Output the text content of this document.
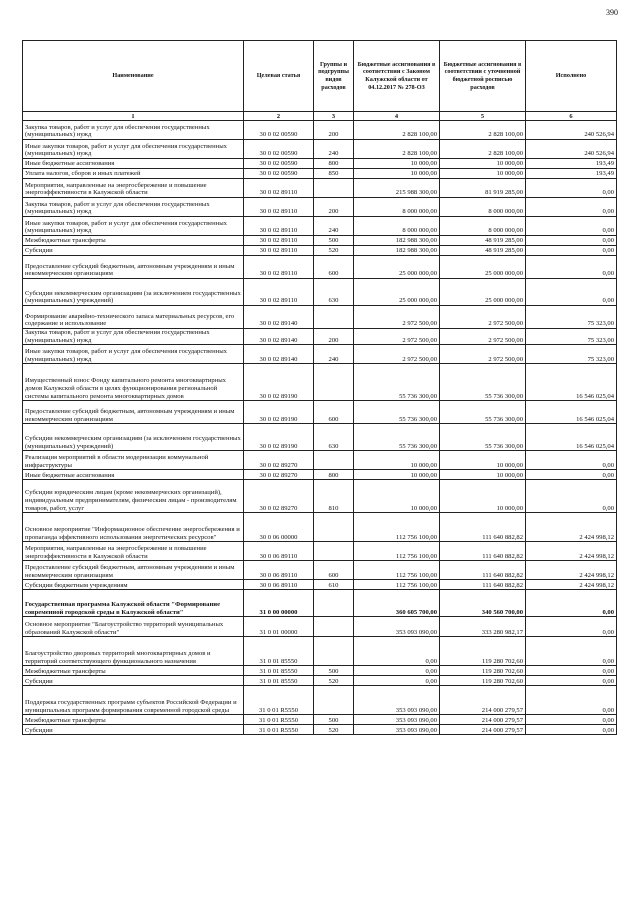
390
Наименование	Целевая статья	Группы и подгруппы видов расходов	Бюджетные ассигнования в соответствии с Законом Калужской области от 04.12.2017 № 278-ОЗ	Бюджетные ассигнования в соответствии с уточненной бюджетной росписью расходов	Исполнено
1	2	3	4	5	6
Закупка товаров, работ и услуг для обеспечения государственных (муниципальных) нужд	30 0 02 00590	200	2 828 100,00	2 828 100,00	240 526,94
Иные закупки товаров, работ и услуг для обеспечения государственных (муниципальных) нужд	30 0 02 00590	240	2 828 100,00	2 828 100,00	240 526,94
Иные бюджетные ассигнования	30 0 02 00590	800	10 000,00	10 000,00	193,49
Уплата налогов, сборов и иных платежей	30 0 02 00590	850	10 000,00	10 000,00	193,49
Мероприятия, направленные на энергосбережение и повышение энергоэффективности в Калужской области	30 0 02 89110		215 988 300,00	81 919 285,00	0,00
Закупка товаров, работ и услуг для обеспечения государственных (муниципальных) нужд	30 0 02 89110	200	8 000 000,00	8 000 000,00	0,00
Иные закупки товаров, работ и услуг для обеспечения государственных (муниципальных) нужд	30 0 02 89110	240	8 000 000,00	8 000 000,00	0,00
Межбюджетные трансферты	30 0 02 89110	500	182 988 300,00	48 919 285,00	0,00
Субсидии	30 0 02 89110	520	182 988 300,00	48 919 285,00	0,00
Предоставление субсидий бюджетным, автономным учреждениям и иным некоммерческим организациям	30 0 02 89110	600	25 000 000,00	25 000 000,00	0,00
Субсидии некоммерческим организациям (за исключением государственных (муниципальных) учреждений)	30 0 02 89110	630	25 000 000,00	25 000 000,00	0,00
Формирование аварийно-технического запаса материальных ресурсов, его содержание и использование	30 0 02 89140		2 972 500,00	2 972 500,00	75 323,00
Закупка товаров, работ и услуг для обеспечения государственных (муниципальных) нужд	30 0 02 89140	200	2 972 500,00	2 972 500,00	75 323,00
Иные закупки товаров, работ и услуг для обеспечения государственных (муниципальных) нужд	30 0 02 89140	240	2 972 500,00	2 972 500,00	75 323,00
Имущественный взнос Фонду капитального ремонта многоквартирных домов Калужской области в целях функционирования региональной системы капитального ремонта многоквартирных домов	30 0 02 89190		55 736 300,00	55 736 300,00	16 546 025,04
Предоставление субсидий бюджетным, автономным учреждениям и иным некоммерческим организациям	30 0 02 89190	600	55 736 300,00	55 736 300,00	16 546 025,04
Субсидии некоммерческим организациям (за исключением государственных (муниципальных) учреждений)	30 0 02 89190	630	55 736 300,00	55 736 300,00	16 546 025,04
Реализация мероприятий в области модернизации коммунальной инфраструктуры	30 0 02 89270		10 000,00	10 000,00	0,00
Иные бюджетные ассигнования	30 0 02 89270	800	10 000,00	10 000,00	0,00
Субсидии юридическим лицам (кроме некоммерческих организаций), индивидуальным предпринимателям, физическим лицам - производителям товаров, работ, услуг	30 0 02 89270	810	10 000,00	10 000,00	0,00
Основное мероприятие "Информационное обеспечение энергосбережения и пропаганда эффективного использования энергетических ресурсов"	30 0 06 00000		112 756 100,00	111 640 882,82	2 424 998,12
Мероприятия, направленные на энергосбережение и повышение энергоэффективности в Калужской области	30 0 06 89110		112 756 100,00	111 640 882,82	2 424 998,12
Предоставление субсидий бюджетным, автономным учреждениям и иным некоммерческим организациям	30 0 06 89110	600	112 756 100,00	111 640 882,82	2 424 998,12
Субсидии бюджетным учреждениям	30 0 06 89110	610	112 756 100,00	111 640 882,82	2 424 998,12
Государственная программа Калужской области "Формирование современной городской среды в Калужской области"	31 0 00 00000		360 605 700,00	340 560 700,00	0,00
Основное мероприятие "Благоустройство территорий муниципальных образований Калужской области"	31 0 01 00000		353 093 090,00	333 280 982,17	0,00
Благоустройство дворовых территорий многоквартирных домов и территорий соответствующего функционального назначения	31 0 01 85550		0,00	119 280 702,60	0,00
Межбюджетные трансферты	31 0 01 85550	500	0,00	119 280 702,60	0,00
Субсидии	31 0 01 85550	520	0,00	119 280 702,60	0,00
Поддержка государственных программ субъектов Российской Федерации и муниципальных программ формирования современной городской среды	31 0 01 R5550		353 093 090,00	214 000 279,57	0,00
Межбюджетные трансферты	31 0 01 R5550	500	353 093 090,00	214 000 279,57	0,00
Субсидии	31 0 01 R5550	520	353 093 090,00	214 000 279,57	0,00
